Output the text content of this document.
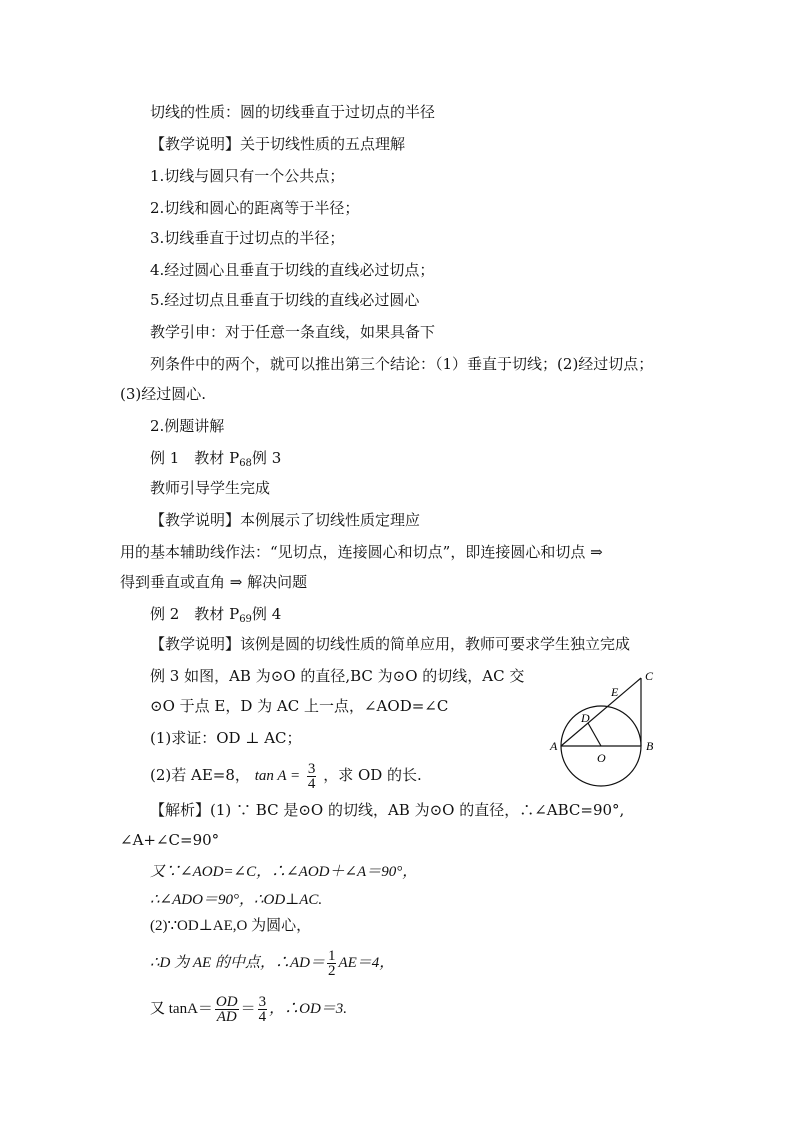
切线的性质：圆的切线垂直于过切点的半径
【教学说明】关于切线性质的五点理解
1.切线与圆只有一个公共点；
2.切线和圆心的距离等于半径；
3.切线垂直于过切点的半径；
4.经过圆心且垂直于切线的直线必过切点；
5.经过切点且垂直于切线的直线必过圆心
教学引申：对于任意一条直线，如果具备下
列条件中的两个，就可以推出第三个结论：（1）垂直于切线；(2)经过切点；
(3)经过圆心.
2.例题讲解
例 1　教材 $P_{68}$例 3
教师引导学生完成
【教学说明】本例展示了切线性质定理应
用的基本辅助线作法：“见切点，连接圆心和切点”，即连接圆心和切点 ⇒
得到垂直或直角 ⇒ 解决问题
例 2　教材 $P_{69}$例 4
【教学说明】该例是圆的切线性质的简单应用，教师可要求学生独立完成
例 3 如图，AB 为⊙O 的直径,BC 为⊙O 的切线，AC 交
⊙O 于点 E，D 为 AC 上一点，∠AOD=∠C
(1)求证：OD ⊥ AC；
(2)若 AE=8， $\tan A = \frac{3}{4}$ ，求 OD 的长.
【解析】(1) ∵ BC 是⊙O 的切线，AB 为⊙O 的直径，∴∠ABC=90°,
∠A+∠C=90°
又∵∠AOD=∠C，∴∠AOD＋∠A＝90°，
∴∠ADO＝90°，∴OD⊥AC.
(2)∵OD⊥AE,O 为圆心，
∴D 为 AE 的中点，∴AD＝ $\frac{1}{2} AE=4$，
又 $\tan A= \frac{OD}{AD} = \frac{3}{4}$ ，∴OD＝3.
C
E
D
A	B
O
